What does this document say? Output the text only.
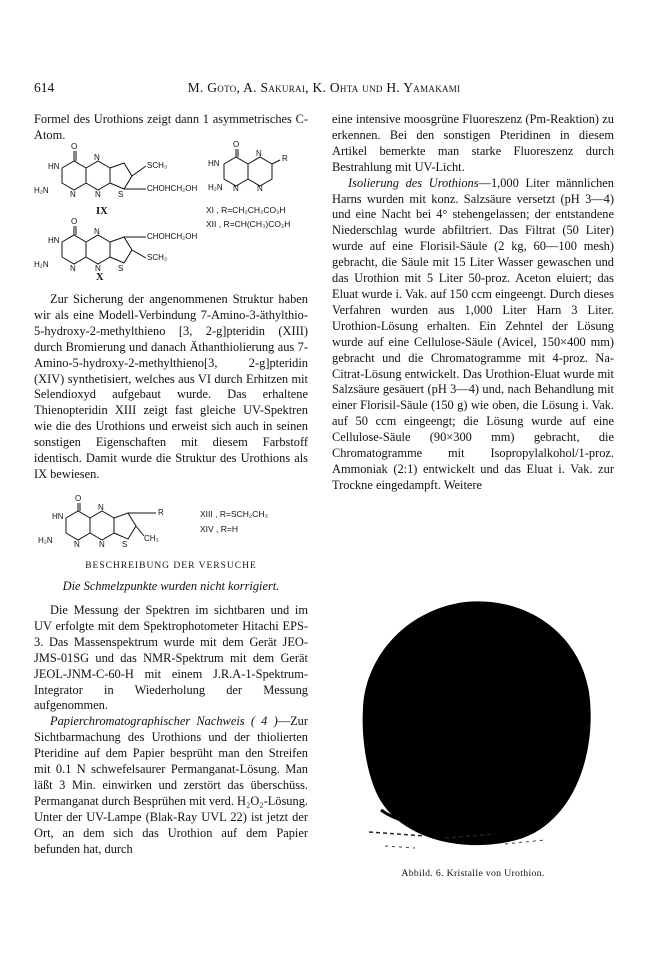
614	M. Goto, A. Sakurai, K. Ohta und H. Yamakami

Formel des Urothions zeigt dann 1 asymmetrisches C-Atom.

O
HN
N
H₂N	N N S
SCH₃
CHOHCH₂OH
IX
O
HN
N
H₂N N N
R
XI , R=CH₂CH₂CO₂H
XII , R=CH(CH₃)CO₂H
O
HN
N
H₂N	N N S
CHOHCH₂OH
SCH₃
X

Zur Sicherung der angenommenen Struktur haben wir als eine Modell-Verbindung 7-Amino-3-äthylthio-5-hydroxy-2-methylthieno [3, 2-g]pteridin (XIII) durch Bromierung und danach Äthanthiolierung aus 7-Amino-5-hydroxy-2-methylthieno[3, 2-g]pteridin (XIV) synthetisiert, welches aus VI durch Erhitzen mit Selendioxyd aufgebaut wurde. Das erhaltene Thienopteridin XIII zeigt fast gleiche UV-Spektren wie die des Urothions und erweist sich auch in seinen sonstigen Eigenschaften mit diesem Farbstoff identisch. Damit wurde die Struktur des Urothions als IX bewiesen.

O
HN
N
H₂N	N N S
R
CH₃
XIII , R=SCH₂CH₃
XIV , R=H
BESCHREIBUNG DER VERSUCHE
Die Schmelzpunkte wurden nicht korrigiert.

Die Messung der Spektren im sichtbaren und im UV erfolgte mit dem Spektrophotometer Hitachi EPS-3. Das Massenspektrum wurde mit dem Gerät JEO-JMS-01SG und das NMR-Spektrum mit dem Gerät JEOL-JNM-C-60-H mit einem J.R.A-1-Spektrum-Integrator in Wiederholung der Messung aufgenommen.

Papierchromatographischer Nachweis ( 4 )—Zur Sichtbarmachung des Urothions und der thiolierten Pteridine auf dem Papier besprüht man den Streifen mit 0.1 N schwefelsaurer Permanganat-Lösung. Man läßt 3 Min. einwirken und zerstört das überschüss. Permanganat durch Besprühen mit verd. H₂O₂-Lösung. Unter der UV-Lampe (Blak-Ray UVL 22) ist jetzt der Ort, an dem sich das Urothion auf dem Papier befunden hat, durch

eine intensive moosgrüne Fluoreszenz (Pm-Reaktion) zu erkennen. Bei den sonstigen Pteridinen in diesem Artikel bemerkte man starke Fluoreszenz durch Bestrahlung mit UV-Licht.

Isolierung des Urothions—1,000 Liter männlichen Harns wurden mit konz. Salzsäure versetzt (pH 3—4) und eine Nacht bei 4° stehengelassen; der entstandene Niederschlag wurde abfiltriert. Das Filtrat (50 Liter) wurde auf eine Florisil-Säule (2 kg, 60—100 mesh) gebracht, die Säule mit 15 Liter Wasser gewaschen und das Urothion mit 5 Liter 50-proz. Aceton eluiert; das Eluat wurde i. Vak. auf 150 ccm eingeengt. Durch dieses Verfahren wurden aus 1,000 Liter Harn 3 Liter. Urothion-Lösung erhalten. Ein Zehntel der Lösung wurde auf eine Cellulose-Säule (Avicel, 150×400 mm) gebracht und die Chromatogramme mit 4-proz. Na-Citrat-Lösung entwickelt. Das Urothion-Eluat wurde mit Salzsäure gesäuert (pH 3—4) und, nach Behandlung mit einer Florisil-Säule (150 g) wie oben, die Lösung i. Vak. auf 50 ccm eingeengt; die Lösung wurde auf eine Cellulose-Säule (90×300 mm) gebracht, die Chromatogramme mit Isopropylalkohol/1-proz. Ammoniak (2:1) entwickelt und das Eluat i. Vak. zur Trockne eingedampft. Weitere

Abbild. 6. Kristalle von Urothion.
